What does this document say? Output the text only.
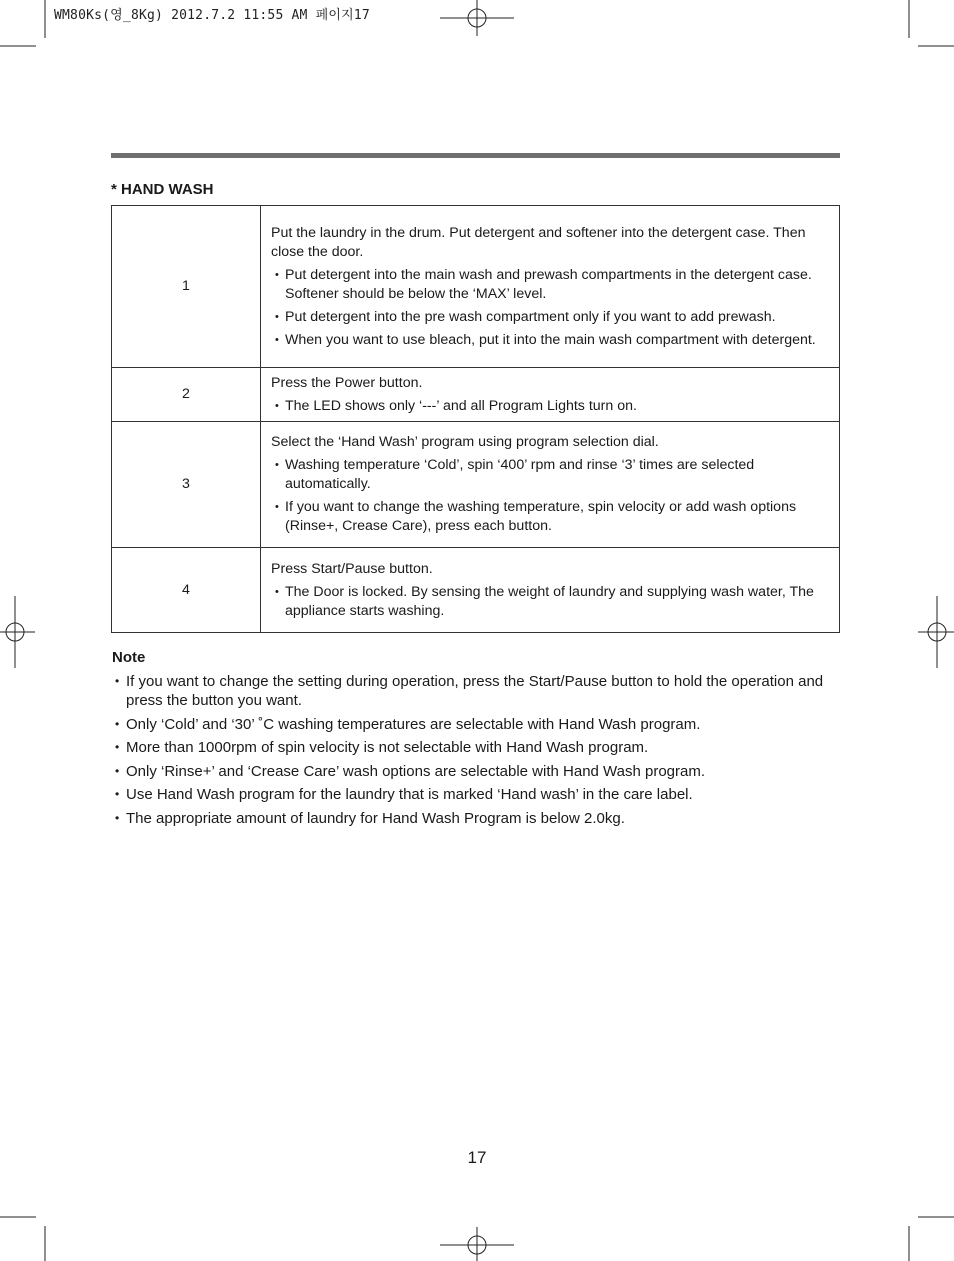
WM80Ks(영_8Kg) 2012.7.2 11:55 AM 페이지17
* HAND WASH
1	Put the laundry in the drum. Put detergent and softener into the detergent case. Then close the door.

• Put detergent into the main wash and prewash compartments in the detergent case. Softener should be below the ‘MAX’ level.

• Put detergent into the pre wash compartment only if you want to add prewash.

• When you want to use bleach, put it into the main wash compartment with detergent.

2	Press the Power button.

• The LED shows only ‘---’ and all Program Lights turn on.

3	Select the ‘Hand Wash’ program using program selection dial.

• Washing temperature ‘Cold’, spin ‘400’ rpm and rinse ‘3’ times are selected automatically.

• If you want to change the washing temperature, spin velocity or add wash options (Rinse+, Crease Care), press each button.

4	Press Start/Pause button.

• The Door is locked. By sensing the weight of laundry and supplying wash water, The appliance starts washing.

Note
• If you want to change the setting during operation, press the Start/Pause button to hold the operation and press the button you want.
• Only ‘Cold’ and ‘30’ ˚C washing temperatures are selectable with Hand Wash program.
• More than 1000rpm of spin velocity is not selectable with Hand Wash program.
• Only ‘Rinse+’ and ‘Crease Care’ wash options are selectable with Hand Wash program.
• Use Hand Wash program for the laundry that is marked ‘Hand wash’ in the care label.
• The appropriate amount of laundry for Hand Wash Program is below 2.0kg.
17
